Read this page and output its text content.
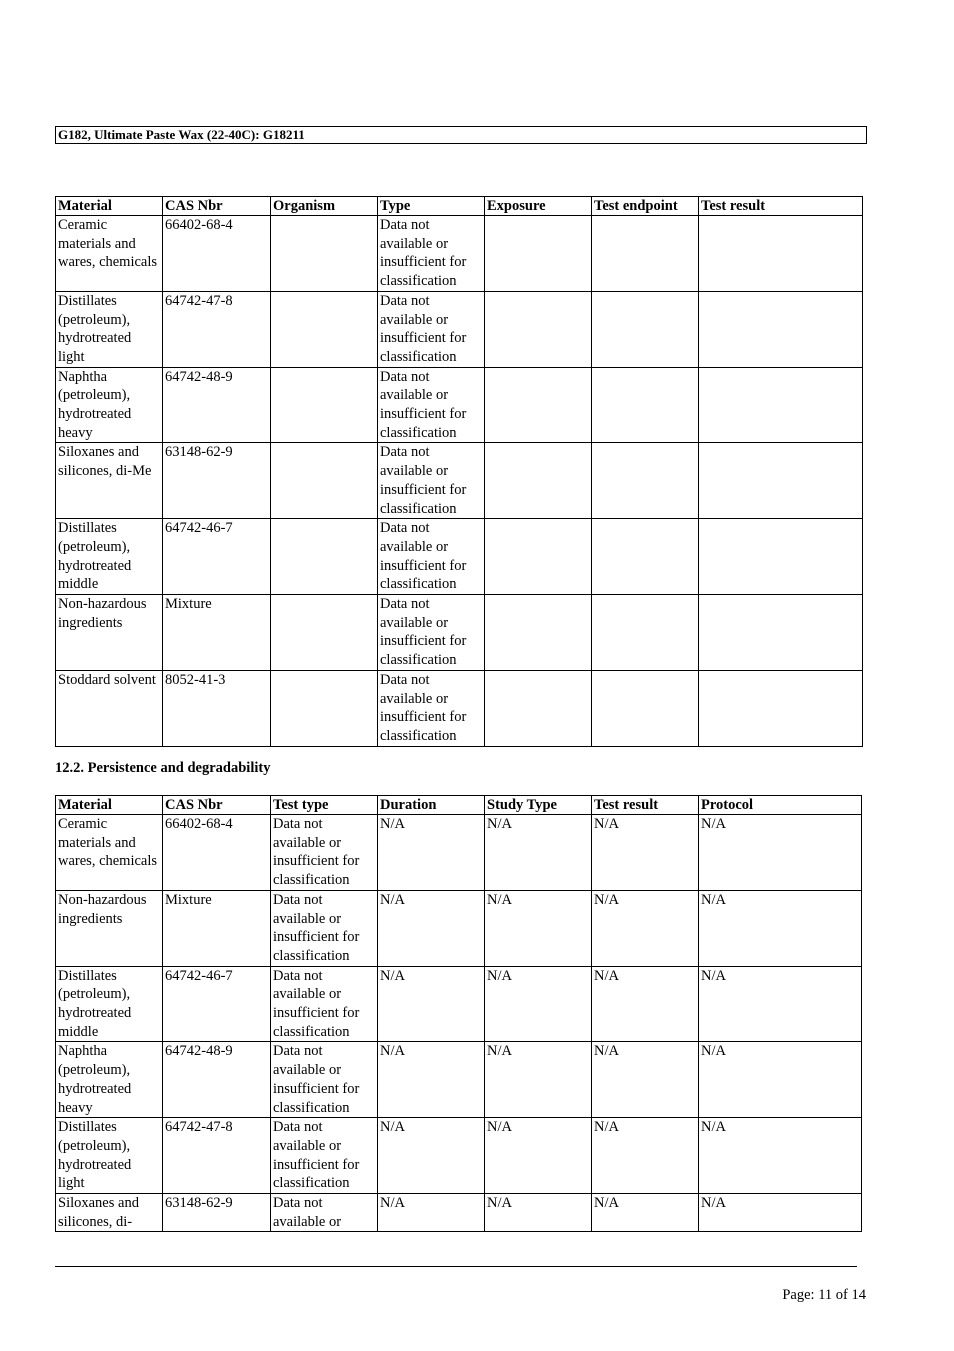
G182, Ultimate Paste Wax (22-40C): G18211
Material	CAS Nbr	Organism	Type	Exposure	Test endpoint	Test result
Ceramic materials and wares, chemicals	66402-68-4		Data not available or insufficient for classification			
Distillates (petroleum), hydrotreated light	64742-47-8		Data not available or insufficient for classification			
Naphtha (petroleum), hydrotreated heavy	64742-48-9		Data not available or insufficient for classification			
Siloxanes and silicones, di-Me	63148-62-9		Data not available or insufficient for classification			
Distillates (petroleum), hydrotreated middle	64742-46-7		Data not available or insufficient for classification			
Non-hazardous ingredients	Mixture		Data not available or insufficient for classification			
Stoddard solvent	8052-41-3		Data not available or insufficient for classification			
12.2. Persistence and degradability
Material	CAS Nbr	Test type	Duration	Study Type	Test result	Protocol
Ceramic materials and wares, chemicals	66402-68-4	Data not available or insufficient for classification	N/A	N/A	N/A	N/A
Non-hazardous ingredients	Mixture	Data not available or insufficient for classification	N/A	N/A	N/A	N/A
Distillates (petroleum), hydrotreated middle	64742-46-7	Data not available or insufficient for classification	N/A	N/A	N/A	N/A
Naphtha (petroleum), hydrotreated heavy	64742-48-9	Data not available or insufficient for classification	N/A	N/A	N/A	N/A
Distillates (petroleum), hydrotreated light	64742-47-8	Data not available or insufficient for classification	N/A	N/A	N/A	N/A
Siloxanes and silicones, di-	63148-62-9	Data not available or	N/A	N/A	N/A	N/A
Page: 11 of 14
